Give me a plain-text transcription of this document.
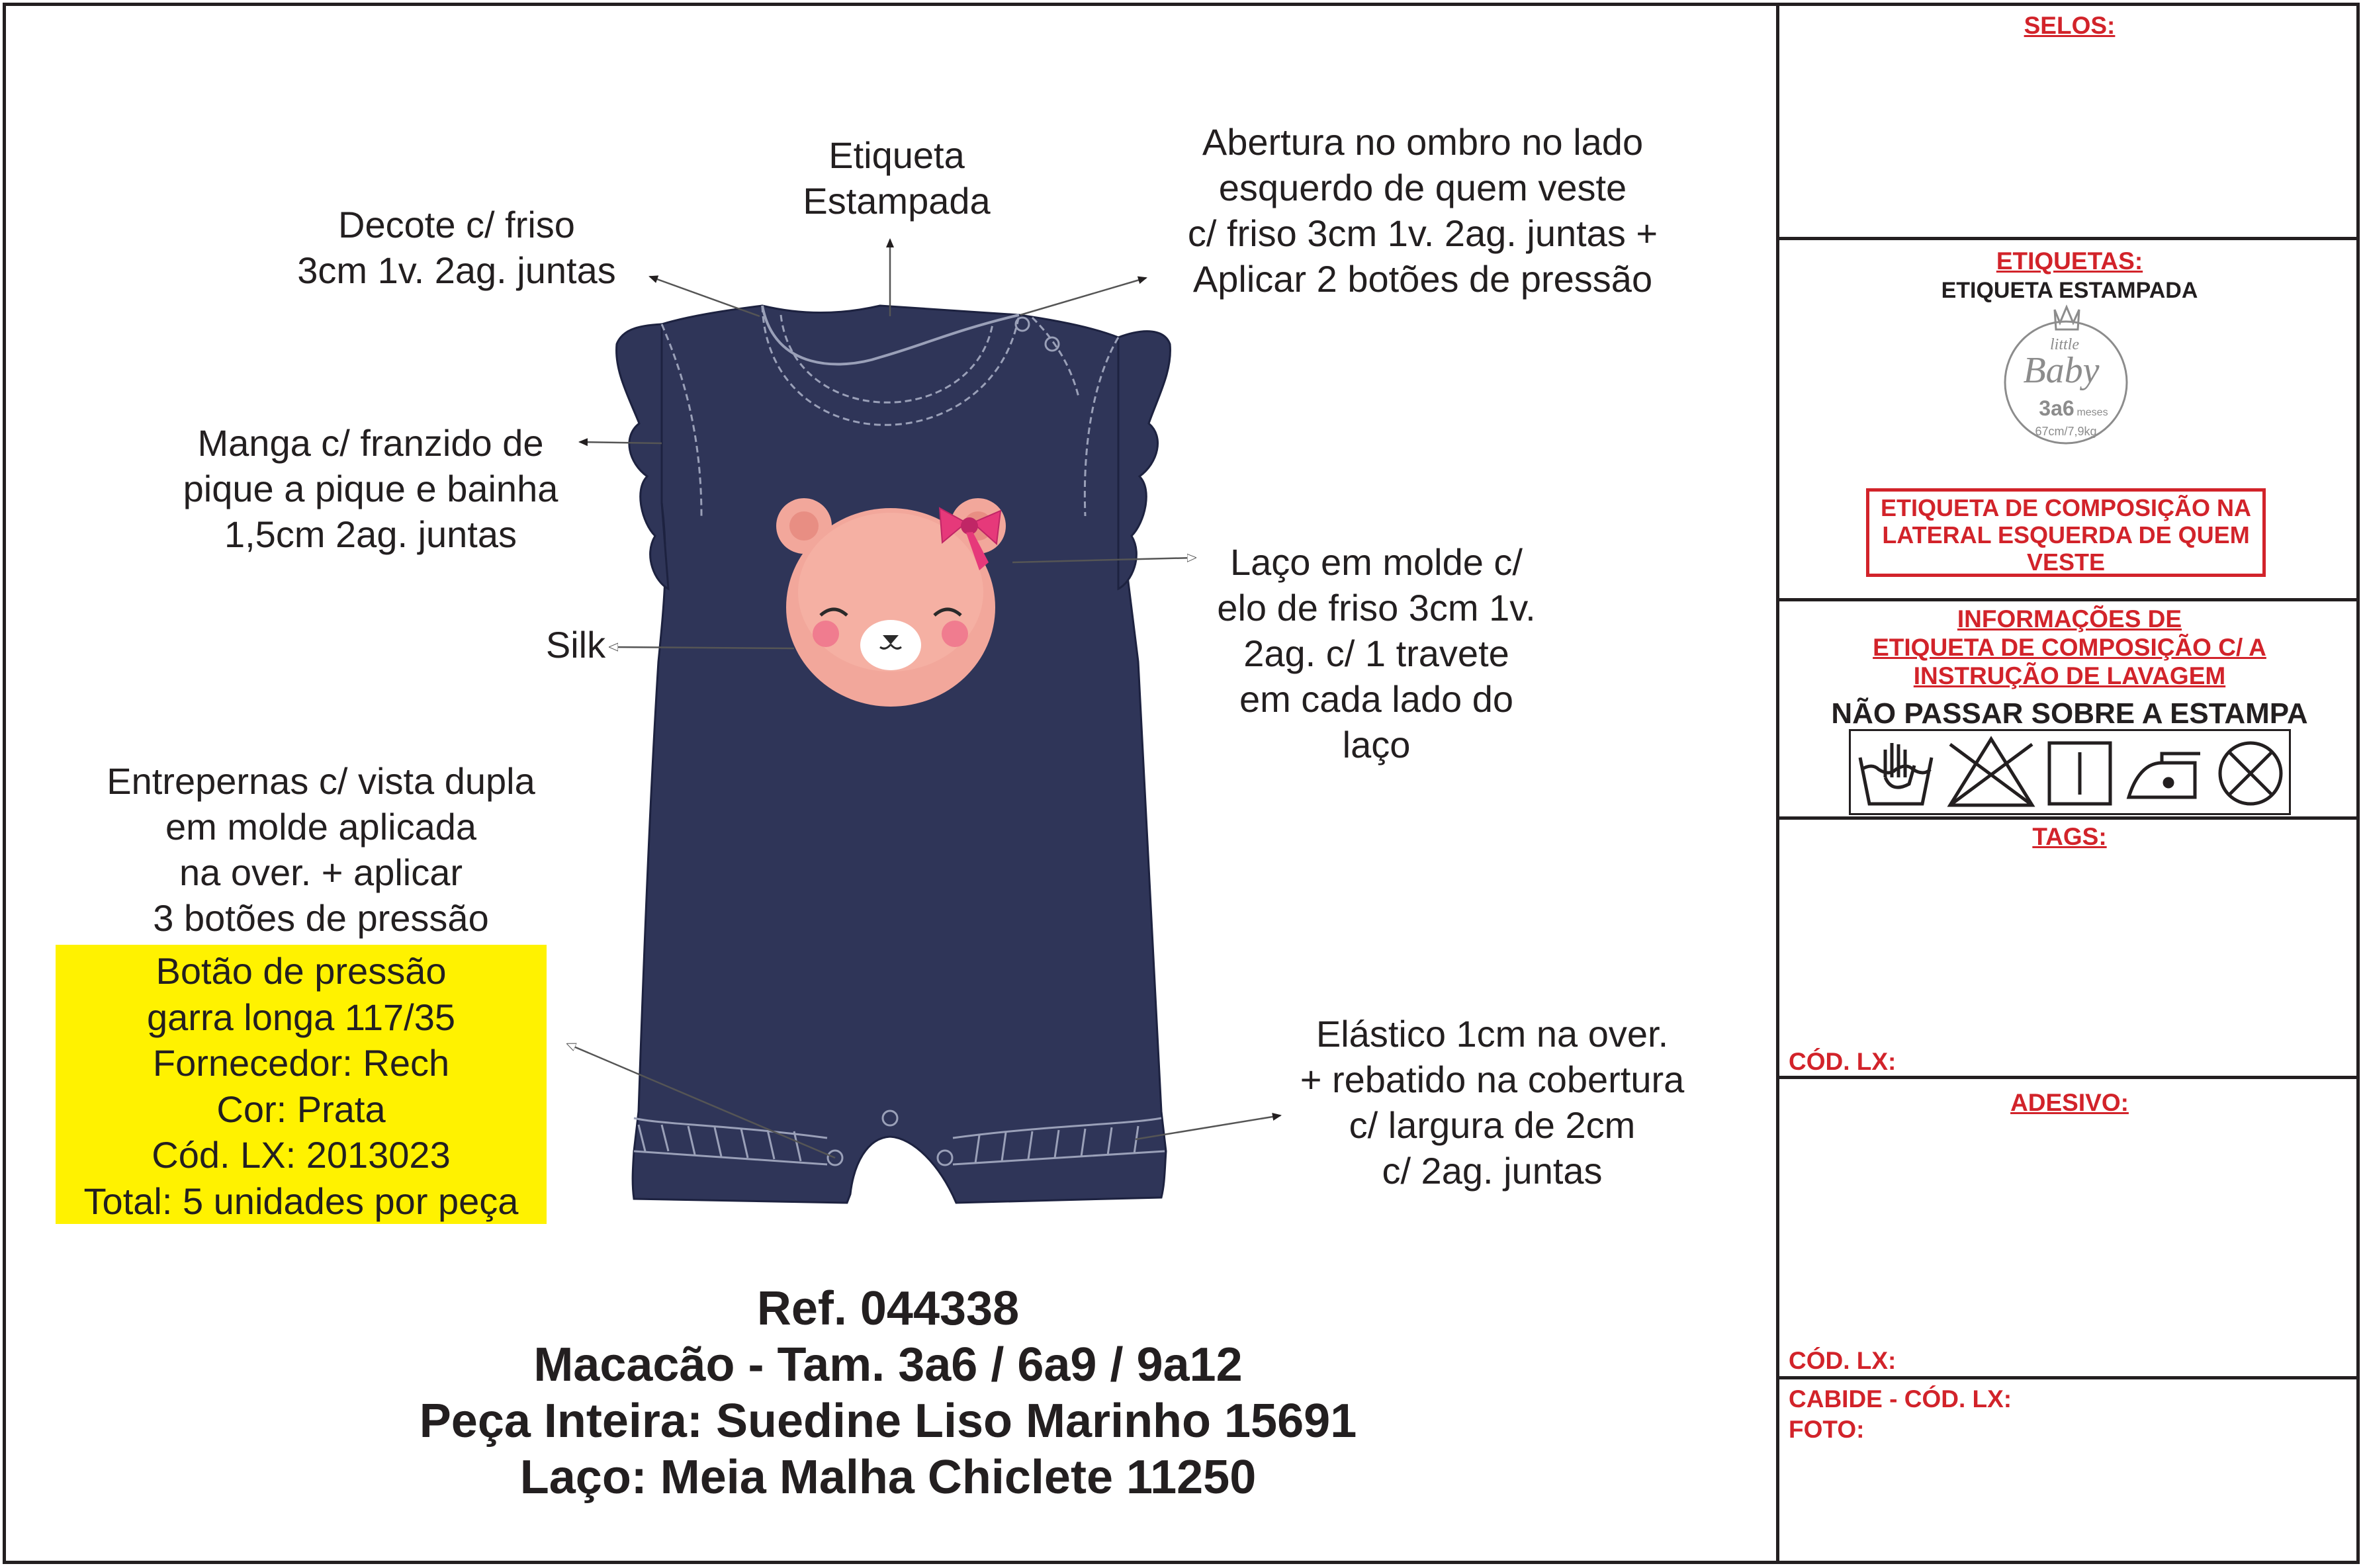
Etiqueta
Estampada
Abertura no ombro no lado
esquerdo de quem veste
c/ friso 3cm 1v. 2ag. juntas +
Aplicar 2 botões de pressão
Decote c/ friso
3cm 1v. 2ag. juntas
Manga c/ franzido de
pique a pique e bainha
1,5cm 2ag. juntas
Laço em molde c/
elo de friso 3cm 1v.
2ag. c/ 1 travete
em cada lado do
laço
Silk
Entrepernas c/ vista dupla
em molde aplicada
na over. + aplicar
3 botões de pressão
Botão de pressão
garra longa 117/35
Fornecedor: Rech
Cor: Prata
Cód. LX: 2013023
Total: 5 unidades por peça
Elástico 1cm na over.
+ rebatido na cobertura
c/ largura de 2cm
c/ 2ag. juntas
Ref. 044338
Macacão - Tam. 3a6 / 6a9 / 9a12
Peça Inteira: Suedine Liso Marinho 15691
Laço: Meia Malha Chiclete 11250
SELOS:
ETIQUETAS:
ETIQUETA ESTAMPADA
little
Baby
3a6 meses
67cm/7,9kg
ETIQUETA DE COMPOSIÇÃO NA
LATERAL ESQUERDA DE QUEM
VESTE
INFORMAÇÕES DE
ETIQUETA DE COMPOSIÇÃO C/ A
INSTRUÇÃO DE LAVAGEM
NÃO PASSAR SOBRE A ESTAMPA
TAGS:
CÓD. LX:
ADESIVO:
CÓD. LX:
CABIDE - CÓD. LX:
FOTO:
